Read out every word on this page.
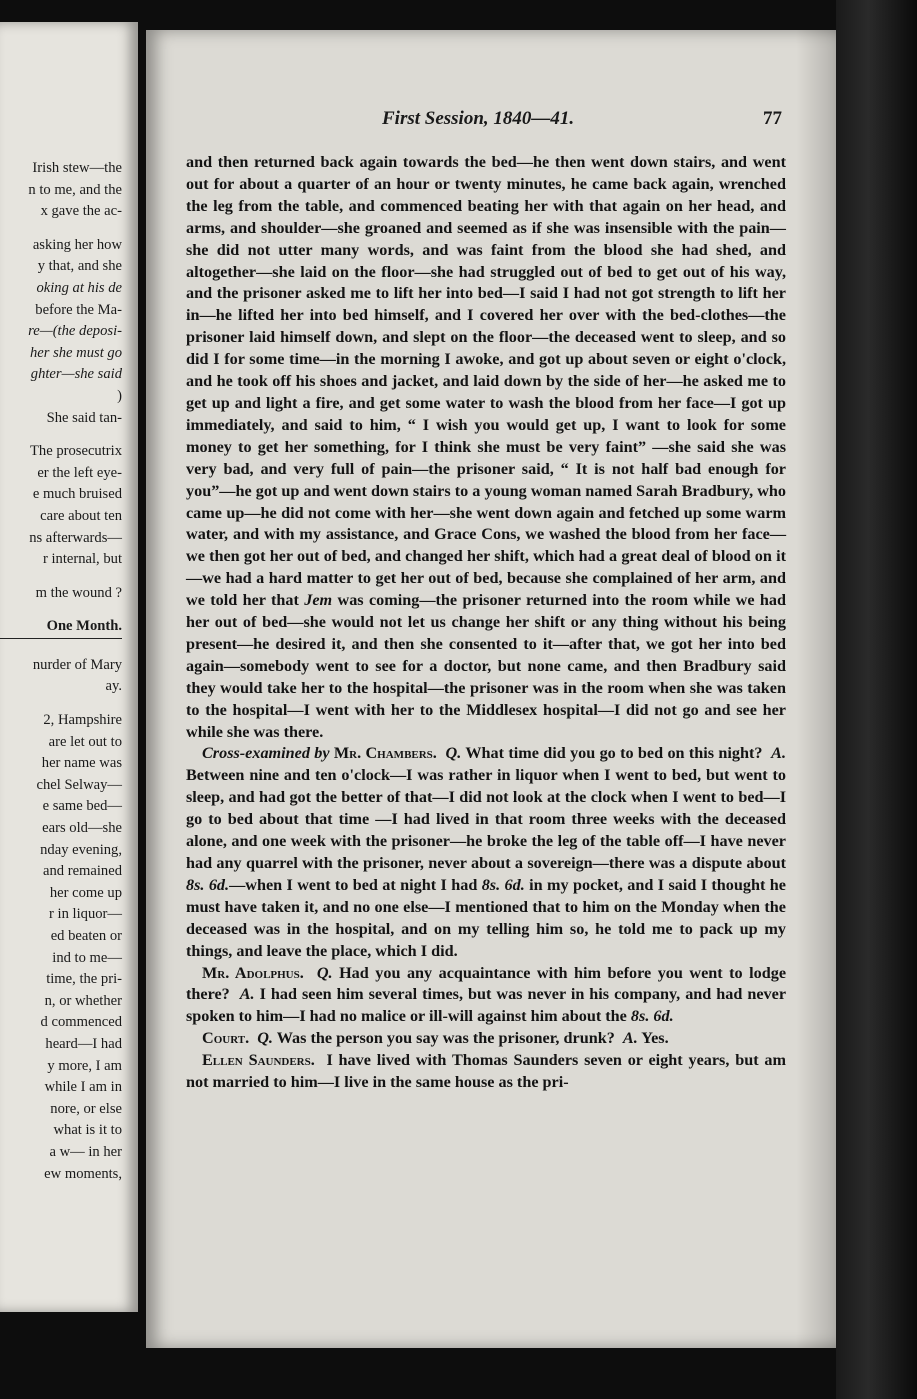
Irish stew—the
n to me, and the
x gave the ac-
asking her how
y that, and she
oking at his de
before the Ma-
re—(the deposi-
her she must go
ghter—she said
)
She said tan-
The prosecutrix
er the left eye-
e much bruised
care about ten
ns afterwards—
r internal, but
m the wound ?
One Month.
nurder of Mary
ay.
2, Hampshire
are let out to
her name was
chel Selway—
e same bed—
ears old—she
nday evening,
and remained
her come up
r in liquor—
ed beaten or
ind to me—
time, the pri-
n, or whether
d commenced
heard—I had
y more, I am
while I am in
nore, or else
what is it to
a w— in her
ew moments,
First Session, 1840—41.	77

and then returned back again towards the bed—he then went down stairs, and went out for about a quarter of an hour or twenty minutes, he came back again, wrenched the leg from the table, and commenced beating her with that again on her head, and arms, and shoulder—she groaned and seemed as if she was insensible with the pain—she did not utter many words, and was faint from the blood she had shed, and altogether—she laid on the floor—she had struggled out of bed to get out of his way, and the prisoner asked me to lift her into bed—I said I had not got strength to lift her in—he lifted her into bed himself, and I covered her over with the bed-clothes—the prisoner laid himself down, and slept on the floor—the deceased went to sleep, and so did I for some time—in the morning I awoke, and got up about seven or eight o'clock, and he took off his shoes and jacket, and laid down by the side of her—he asked me to get up and light a fire, and get some water to wash the blood from her face—I got up immediately, and said to him, “ I wish you would get up, I want to look for some money to get her something, for I think she must be very faint” —she said she was very bad, and very full of pain—the prisoner said, “ It is not half bad enough for you”—he got up and went down stairs to a young woman named Sarah Bradbury, who came up—he did not come with her—she went down again and fetched up some warm water, and with my assistance, and Grace Cons, we washed the blood from her face—we then got her out of bed, and changed her shift, which had a great deal of blood on it—we had a hard matter to get her out of bed, because she complained of her arm, and we told her that Jem was coming—the prisoner returned into the room while we had her out of bed—she would not let us change her shift or any thing without his being present—he desired it, and then she consented to it—after that, we got her into bed again—somebody went to see for a doctor, but none came, and then Bradbury said they would take her to the hospital—the prisoner was in the room when she was taken to the hospital—I went with her to the Middlesex hospital—I did not go and see her while she was there.

Cross-examined by Mr. Chambers. Q. What time did you go to bed on this night? A. Between nine and ten o'clock—I was rather in liquor when I went to bed, but went to sleep, and had got the better of that—I did not look at the clock when I went to bed—I go to bed about that time —I had lived in that room three weeks with the deceased alone, and one week with the prisoner—he broke the leg of the table off—I have never had any quarrel with the prisoner, never about a sovereign—there was a dispute about 8s. 6d.—when I went to bed at night I had 8s. 6d. in my pocket, and I said I thought he must have taken it, and no one else—I mentioned that to him on the Monday when the deceased was in the hospital, and on my telling him so, he told me to pack up my things, and leave the place, which I did.

Mr. Adolphus. Q. Had you any acquaintance with him before you went to lodge there? A. I had seen him several times, but was never in his company, and had never spoken to him—I had no malice or ill-will against him about the 8s. 6d.

Court. Q. Was the person you say was the prisoner, drunk? A. Yes.

Ellen Saunders. I have lived with Thomas Saunders seven or eight years, but am not married to him—I live in the same house as the pri-
